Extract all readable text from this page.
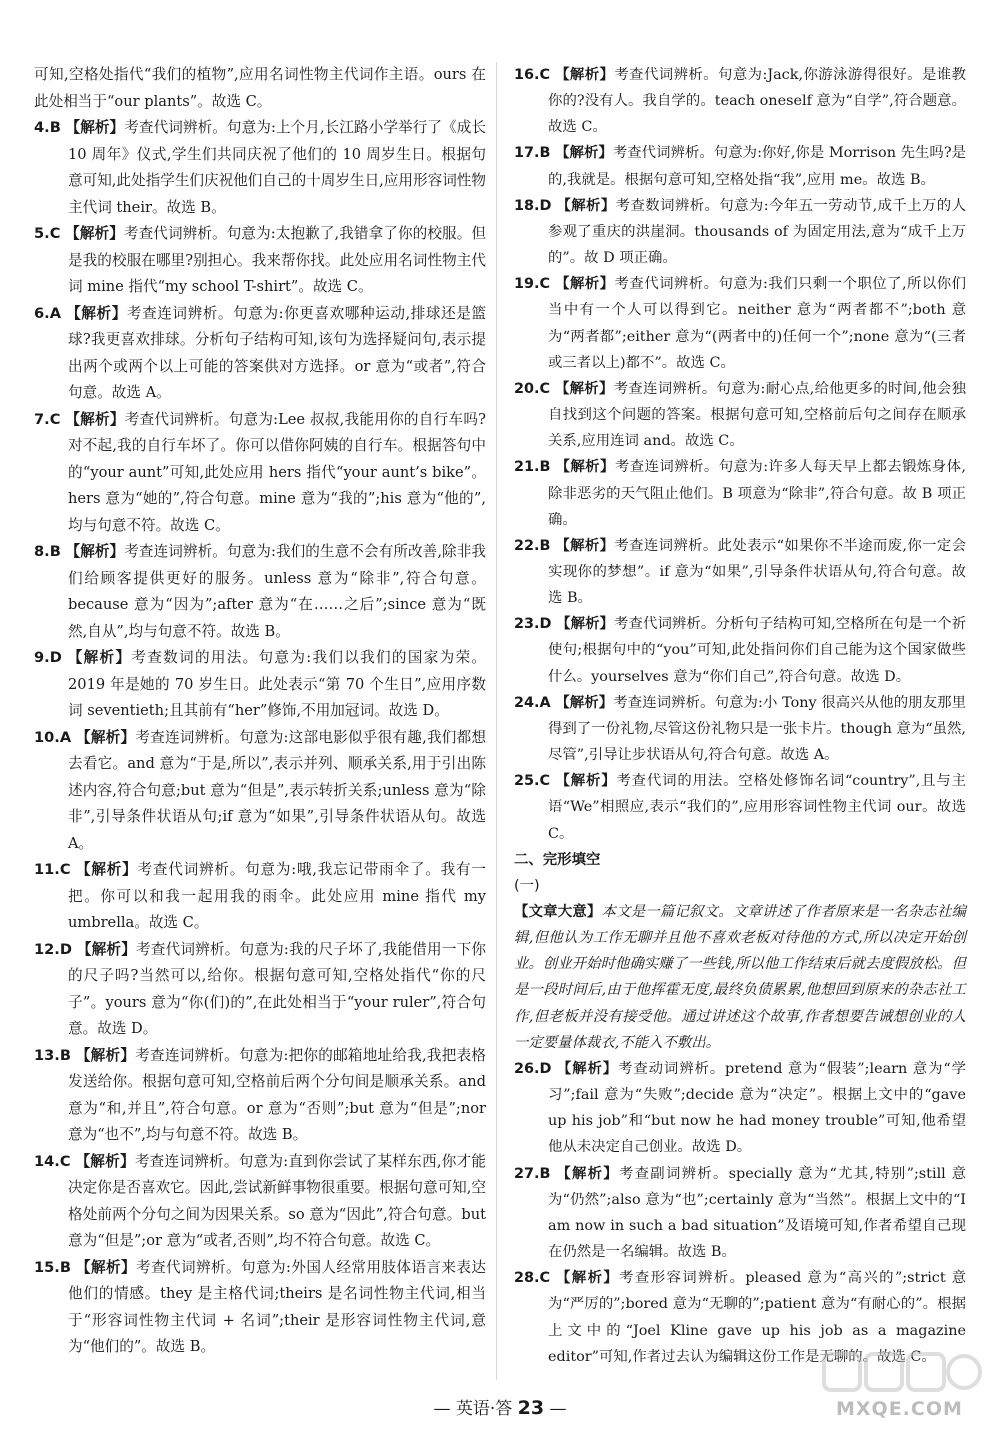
可知,空格处指代“我们的植物”,应用名词性物主代词作主语。ours 在此处相当于“our plants”。故选 C。

4.B 【解析】考查代词辨析。句意为:上个月,长江路小学举行了《成长 10 周年》仪式,学生们共同庆祝了他们的 10 周岁生日。根据句意可知,此处指学生们庆祝他们自己的十周岁生日,应用形容词性物主代词 their。故选 B。

5.C 【解析】考查代词辨析。句意为:太抱歉了,我错拿了你的校服。但是我的校服在哪里?别担心。我来帮你找。此处应用名词性物主代词 mine 指代“my school T-shirt”。故选 C。

6.A 【解析】考查连词辨析。句意为:你更喜欢哪种运动,排球还是篮球?我更喜欢排球。分析句子结构可知,该句为选择疑问句,表示提出两个或两个以上可能的答案供对方选择。or 意为“或者”,符合句意。故选 A。

7.C 【解析】考查代词辨析。句意为:Lee 叔叔,我能用你的自行车吗?对不起,我的自行车坏了。你可以借你阿姨的自行车。根据答句中的“your aunt”可知,此处应用 hers 指代“your aunt’s bike”。hers 意为“她的”,符合句意。mine 意为“我的”;his 意为“他的”,均与句意不符。故选 C。

8.B 【解析】考查连词辨析。句意为:我们的生意不会有所改善,除非我们给顾客提供更好的服务。unless 意为“除非”,符合句意。because 意为“因为”;after 意为“在……之后”;since 意为“既然,自从”,均与句意不符。故选 B。

9.D 【解析】考查数词的用法。句意为:我们以我们的国家为荣。2019 年是她的 70 岁生日。此处表示“第 70 个生日”,应用序数词 seventieth;且其前有“her”修饰,不用加冠词。故选 D。

10.A 【解析】考查连词辨析。句意为:这部电影似乎很有趣,我们都想去看它。and 意为“于是,所以”,表示并列、顺承关系,用于引出陈述内容,符合句意;but 意为“但是”,表示转折关系;unless 意为“除非”,引导条件状语从句;if 意为“如果”,引导条件状语从句。故选 A。

11.C 【解析】考查代词辨析。句意为:哦,我忘记带雨伞了。我有一把。你可以和我一起用我的雨伞。此处应用 mine 指代 my umbrella。故选 C。

12.D 【解析】考查代词辨析。句意为:我的尺子坏了,我能借用一下你的尺子吗?当然可以,给你。根据句意可知,空格处指代“你的尺子”。yours 意为“你(们)的”,在此处相当于“your ruler”,符合句意。故选 D。

13.B 【解析】考查连词辨析。句意为:把你的邮箱地址给我,我把表格发送给你。根据句意可知,空格前后两个分句间是顺承关系。and 意为“和,并且”,符合句意。or 意为“否则”;but 意为“但是”;nor 意为“也不”,均与句意不符。故选 B。

14.C 【解析】考查连词辨析。句意为:直到你尝试了某样东西,你才能决定你是否喜欢它。因此,尝试新鲜事物很重要。根据句意可知,空格处前两个分句之间为因果关系。so 意为“因此”,符合句意。but 意为“但是”;or 意为“或者,否则”,均不符合句意。故选 C。

15.B 【解析】考查代词辨析。句意为:外国人经常用肢体语言来表达他们的情感。they 是主格代词;theirs 是名词性物主代词,相当于“形容词性物主代词 + 名词”;their 是形容词性物主代词,意为“他们的”。故选 B。

16.C 【解析】考查代词辨析。句意为:Jack,你游泳游得很好。是谁教你的?没有人。我自学的。teach oneself 意为“自学”,符合题意。故选 C。

17.B 【解析】考查代词辨析。句意为:你好,你是 Morrison 先生吗?是的,我就是。根据句意可知,空格处指“我”,应用 me。故选 B。

18.D 【解析】考查数词辨析。句意为:今年五一劳动节,成千上万的人参观了重庆的洪崖洞。thousands of 为固定用法,意为“成千上万的”。故 D 项正确。

19.C 【解析】考查代词辨析。句意为:我们只剩一个职位了,所以你们当中有一个人可以得到它。neither 意为“两者都不”;both 意为“两者都”;either 意为“(两者中的)任何一个”;none 意为“(三者或三者以上)都不”。故选 C。

20.C 【解析】考查连词辨析。句意为:耐心点,给他更多的时间,他会独自找到这个问题的答案。根据句意可知,空格前后句之间存在顺承关系,应用连词 and。故选 C。

21.B 【解析】考查连词辨析。句意为:许多人每天早上都去锻炼身体,除非恶劣的天气阻止他们。B 项意为“除非”,符合句意。故 B 项正确。

22.B 【解析】考查连词辨析。此处表示“如果你不半途而废,你一定会实现你的梦想”。if 意为“如果”,引导条件状语从句,符合句意。故选 B。

23.D 【解析】考查代词辨析。分析句子结构可知,空格所在句是一个祈使句;根据句中的“you”可知,此处指问你们自己能为这个国家做些什么。yourselves 意为“你们自己”,符合句意。故选 D。

24.A 【解析】考查连词辨析。句意为:小 Tony 很高兴从他的朋友那里得到了一份礼物,尽管这份礼物只是一张卡片。though 意为“虽然,尽管”,引导让步状语从句,符合句意。故选 A。

25.C 【解析】考查代词的用法。空格处修饰名词“country”,且与主语“We”相照应,表示“我们的”,应用形容词性物主代词 our。故选 C。

二、完形填空

(一)

【文章大意】本文是一篇记叙文。文章讲述了作者原来是一名杂志社编辑,但他认为工作无聊并且他不喜欢老板对待他的方式,所以决定开始创业。创业开始时他确实赚了一些钱,所以他工作结束后就去度假放松。但是一段时间后,由于他挥霍无度,最终负债累累,他想回到原来的杂志社工作,但老板并没有接受他。通过讲述这个故事,作者想要告诫想创业的人一定要量体裁衣,不能入不敷出。

26.D 【解析】考查动词辨析。pretend 意为“假装”;learn 意为“学习”;fail 意为“失败”;decide 意为“决定”。根据上文中的“gave up his job”和“but now he had money trouble”可知,他希望他从未决定自己创业。故选 D。

27.B 【解析】考查副词辨析。specially 意为“尤其,特别”;still 意为“仍然”;also 意为“也”;certainly 意为“当然”。根据上文中的“I am now in such a bad situation”及语境可知,作者希望自己现在仍然是一名编辑。故选 B。

28.C 【解析】考查形容词辨析。pleased 意为“高兴的”;strict 意为“严厉的”;bored 意为“无聊的”;patient 意为“有耐心的”。根据上文中的“Joel Kline gave up his job as a magazine editor”可知,作者过去认为编辑这份工作是无聊的。故选 C。

— 英语·答 23 —	MXQE.COM
